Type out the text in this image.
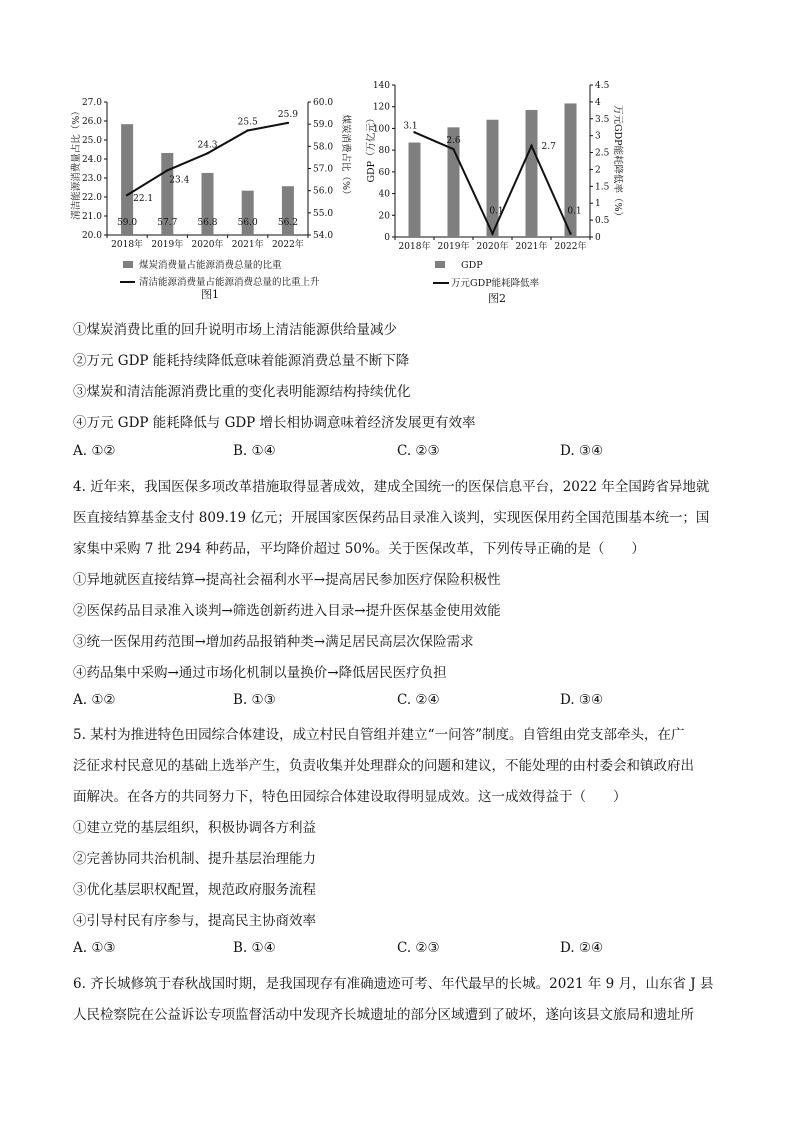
清洁能源消费量占比（%）	煤炭消费占比（%）
20.0
21.0
22.0
23.0
24.0
25.0
26.0
27.0
54.0
55.0
56.0
57.0
58.0
59.0
60.0
2018年 2019年 2020年 2021年 2022年
59.0 57.7 56.8 56.0 56.2
22.1
23.4
24.3
25.5
25.9
煤炭消费量占能源消费总量的比重
清洁能源消费量占能源消费总量的比重上升
图1
GDP（万亿元）	万元GDP能耗降低率（%）
0
20
40
60
80
100
120
140
0
0.5
1
1.5
2
2.5
3
3.5
4
4.5
2018年 2019年 2020年 2021年 2022年
3.1
2.6
0.1
2.7
0.1
GDP
万元GDP能耗降低率
图2
①煤炭消费比重的回升说明市场上清洁能源供给量减少
②万元 GDP 能耗持续降低意味着能源消费总量不断下降
③煤炭和清洁能源消费比重的变化表明能源结构持续优化
④万元 GDP 能耗降低与 GDP 增长相协调意味着经济发展更有效率
A. ①②	B. ①④	C. ②③	D. ③④
4. 近年来，我国医保多项改革措施取得显著成效，建成全国统一的医保信息平台，2022 年全国跨省异地就
医直接结算基金支付 809.19 亿元；开展国家医保药品目录准入谈判，实现医保用药全国范围基本统一；国
家集中采购 7 批 294 种药品，平均降价超过 50%。关于医保改革，下列传导正确的是（　　）
①异地就医直接结算→提高社会福利水平→提高居民参加医疗保险积极性
②医保药品目录准入谈判→筛选创新药进入目录→提升医保基金使用效能
③统一医保用药范围→增加药品报销种类→满足居民高层次保险需求
④药品集中采购→通过市场化机制以量换价→降低居民医疗负担
A. ①②	B. ①③	C. ②④	D. ③④
5. 某村为推进特色田园综合体建设，成立村民自管组并建立“一问答”制度。自管组由党支部牵头，在广
泛征求村民意见的基础上选举产生，负责收集并处理群众的问题和建议，不能处理的由村委会和镇政府出
面解决。在各方的共同努力下，特色田园综合体建设取得明显成效。这一成效得益于（　　）
①建立党的基层组织，积极协调各方利益
②完善协同共治机制、提升基层治理能力
③优化基层职权配置，规范政府服务流程
④引导村民有序参与，提高民主协商效率
A. ①③	B. ①④	C. ②③	D. ②④
6. 齐长城修筑于春秋战国时期，是我国现存有准确遗迹可考、年代最早的长城。2021 年 9 月，山东省 J 县
人民检察院在公益诉讼专项监督活动中发现齐长城遗址的部分区域遭到了破坏，遂向该县文旅局和遗址所
